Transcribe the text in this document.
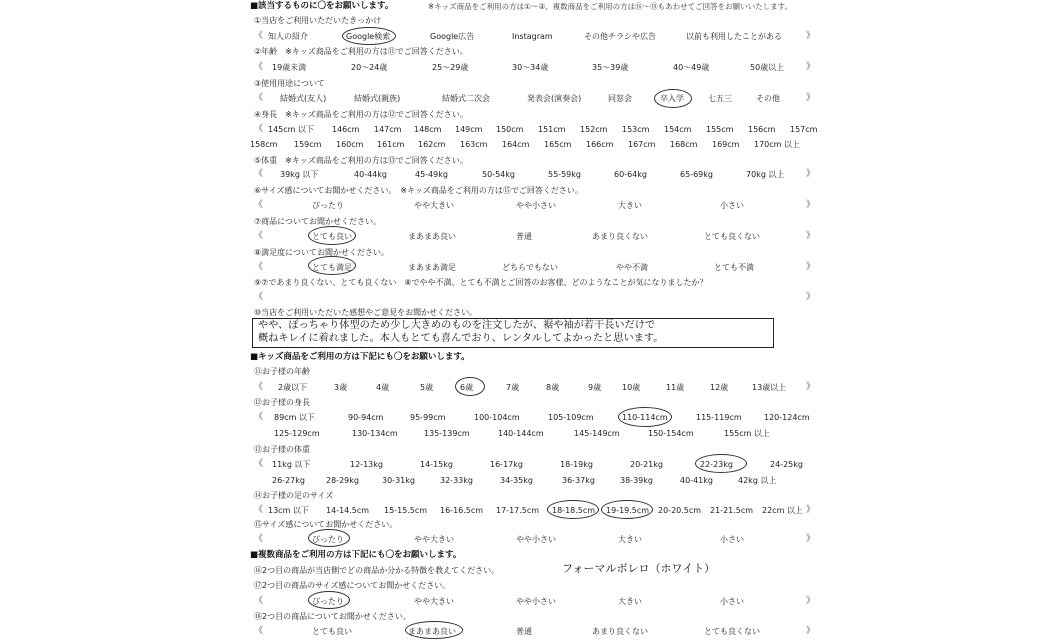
■該当するものに〇をお願いします。	※キッズ商品をご利用の方は①〜③、複数商品をご利用の方は⑯〜⑱もあわせてご回答をお願いいたします。
①当店をご利用いただいたきっかけ
《 知人の紹介	Google検索	Google広告	Instagram	その他チラシや広告	以前も利用したことがある	》
②年齢　※キッズ商品をご利用の方は⑪でご回答ください。
《 19歳未満	20〜24歳	25〜29歳	30〜34歳	35〜39歳	40〜49歳	50歳以上 》
③使用用途について
《 結婚式(友人)	結婚式(親族)	結婚式二次会	発表会(演奏会)	同窓会	卒入学	七五三	その他	》
④身長　※キッズ商品をご利用の方は⑫でご回答ください。
《 145cm 以下 146cm 147cm 148cm 149cm 150cm 151cm 152cm 153cm 154cm 155cm 156cm 157cm
158cm 159cm 160cm 161cm 162cm 163cm 164cm 165cm 166cm 167cm 168cm 169cm 170cm 以上
⑤体重　※キッズ商品をご利用の方は⑬でご回答ください。
《 39kg 以下	40-44kg	45-49kg	50-54kg	55-59kg	60-64kg	65-69kg	70kg 以上 》
⑥サイズ感についてお聞かせください。　※キッズ商品をご利用の方は⑮でご回答ください。
《	ぴったり	やや大きい	やや小さい	大きい	小さい	》
⑦商品についてお聞かせください。
《	とても良い	まあまあ良い	普通	あまり良くない	とても良くない	》
⑧満足度についてお聞かせください。
《	とても満足	まあまあ満足	どちらでもない	やや不満	とても不満	》
⑨⑦であまり良くない、とても良くない　⑧でやや不満、とても不満とご回答のお客様、どのようなことが気になりましたか？
《	》
⑩当店をご利用いただいた感想やご意見をお聞かせください。
やや、ぽっちゃり体型のため少し大きめのものを注文したが、裾や袖が若干長いだけで
概ねキレイに着れました。本人もとても喜んでおり、レンタルしてよかったと思います。
■キッズ商品をご利用の方は下記にも〇をお願いします。
⑪お子様の年齢
《 2歳以下	3歳	4歳	5歳	6歳	7歳	8歳	9歳	10歳	11歳	12歳	13歳以上 》
⑫お子様の身長
《 89cm 以下	90-94cm	95-99cm	100-104cm	105-109cm	110-114cm	115-119cm	120-124cm
125-129cm	130-134cm	135-139cm	140-144cm	145-149cm	150-154cm	155cm 以上
⑬お子様の体重
《 11kg 以下	12-13kg	14-15kg	16-17kg	18-19kg	20-21kg	22-23kg	24-25kg
26-27kg	28-29kg	30-31kg	32-33kg	34-35kg	36-37kg	38-39kg	40-41kg	42kg 以上
⑭お子様の足のサイズ
《 13cm 以下 14-14.5cm 15-15.5cm 16-16.5cm 17-17.5cm 18-18.5cm 19-19.5cm 20-20.5cm 21-21.5cm 22cm 以上 》
⑮サイズ感についてお聞かせください。
《	ぴったり	やや大きい	やや小さい	大きい	小さい	》
■複数商品をご利用の方は下記にも〇をお願いします。
⑯2つ目の商品が当店側でどの商品か分かる特徴を教えてください。	フォーマルボレロ（ホワイト）
⑰2つ目の商品のサイズ感についてお聞かせください。
《	ぴったり	やや大きい	やや小さい	大きい	小さい	》
⑱2つ目の商品についてお聞かせください。
《	とても良い	まあまあ良い	普通	あまり良くない	とても良くない	》
